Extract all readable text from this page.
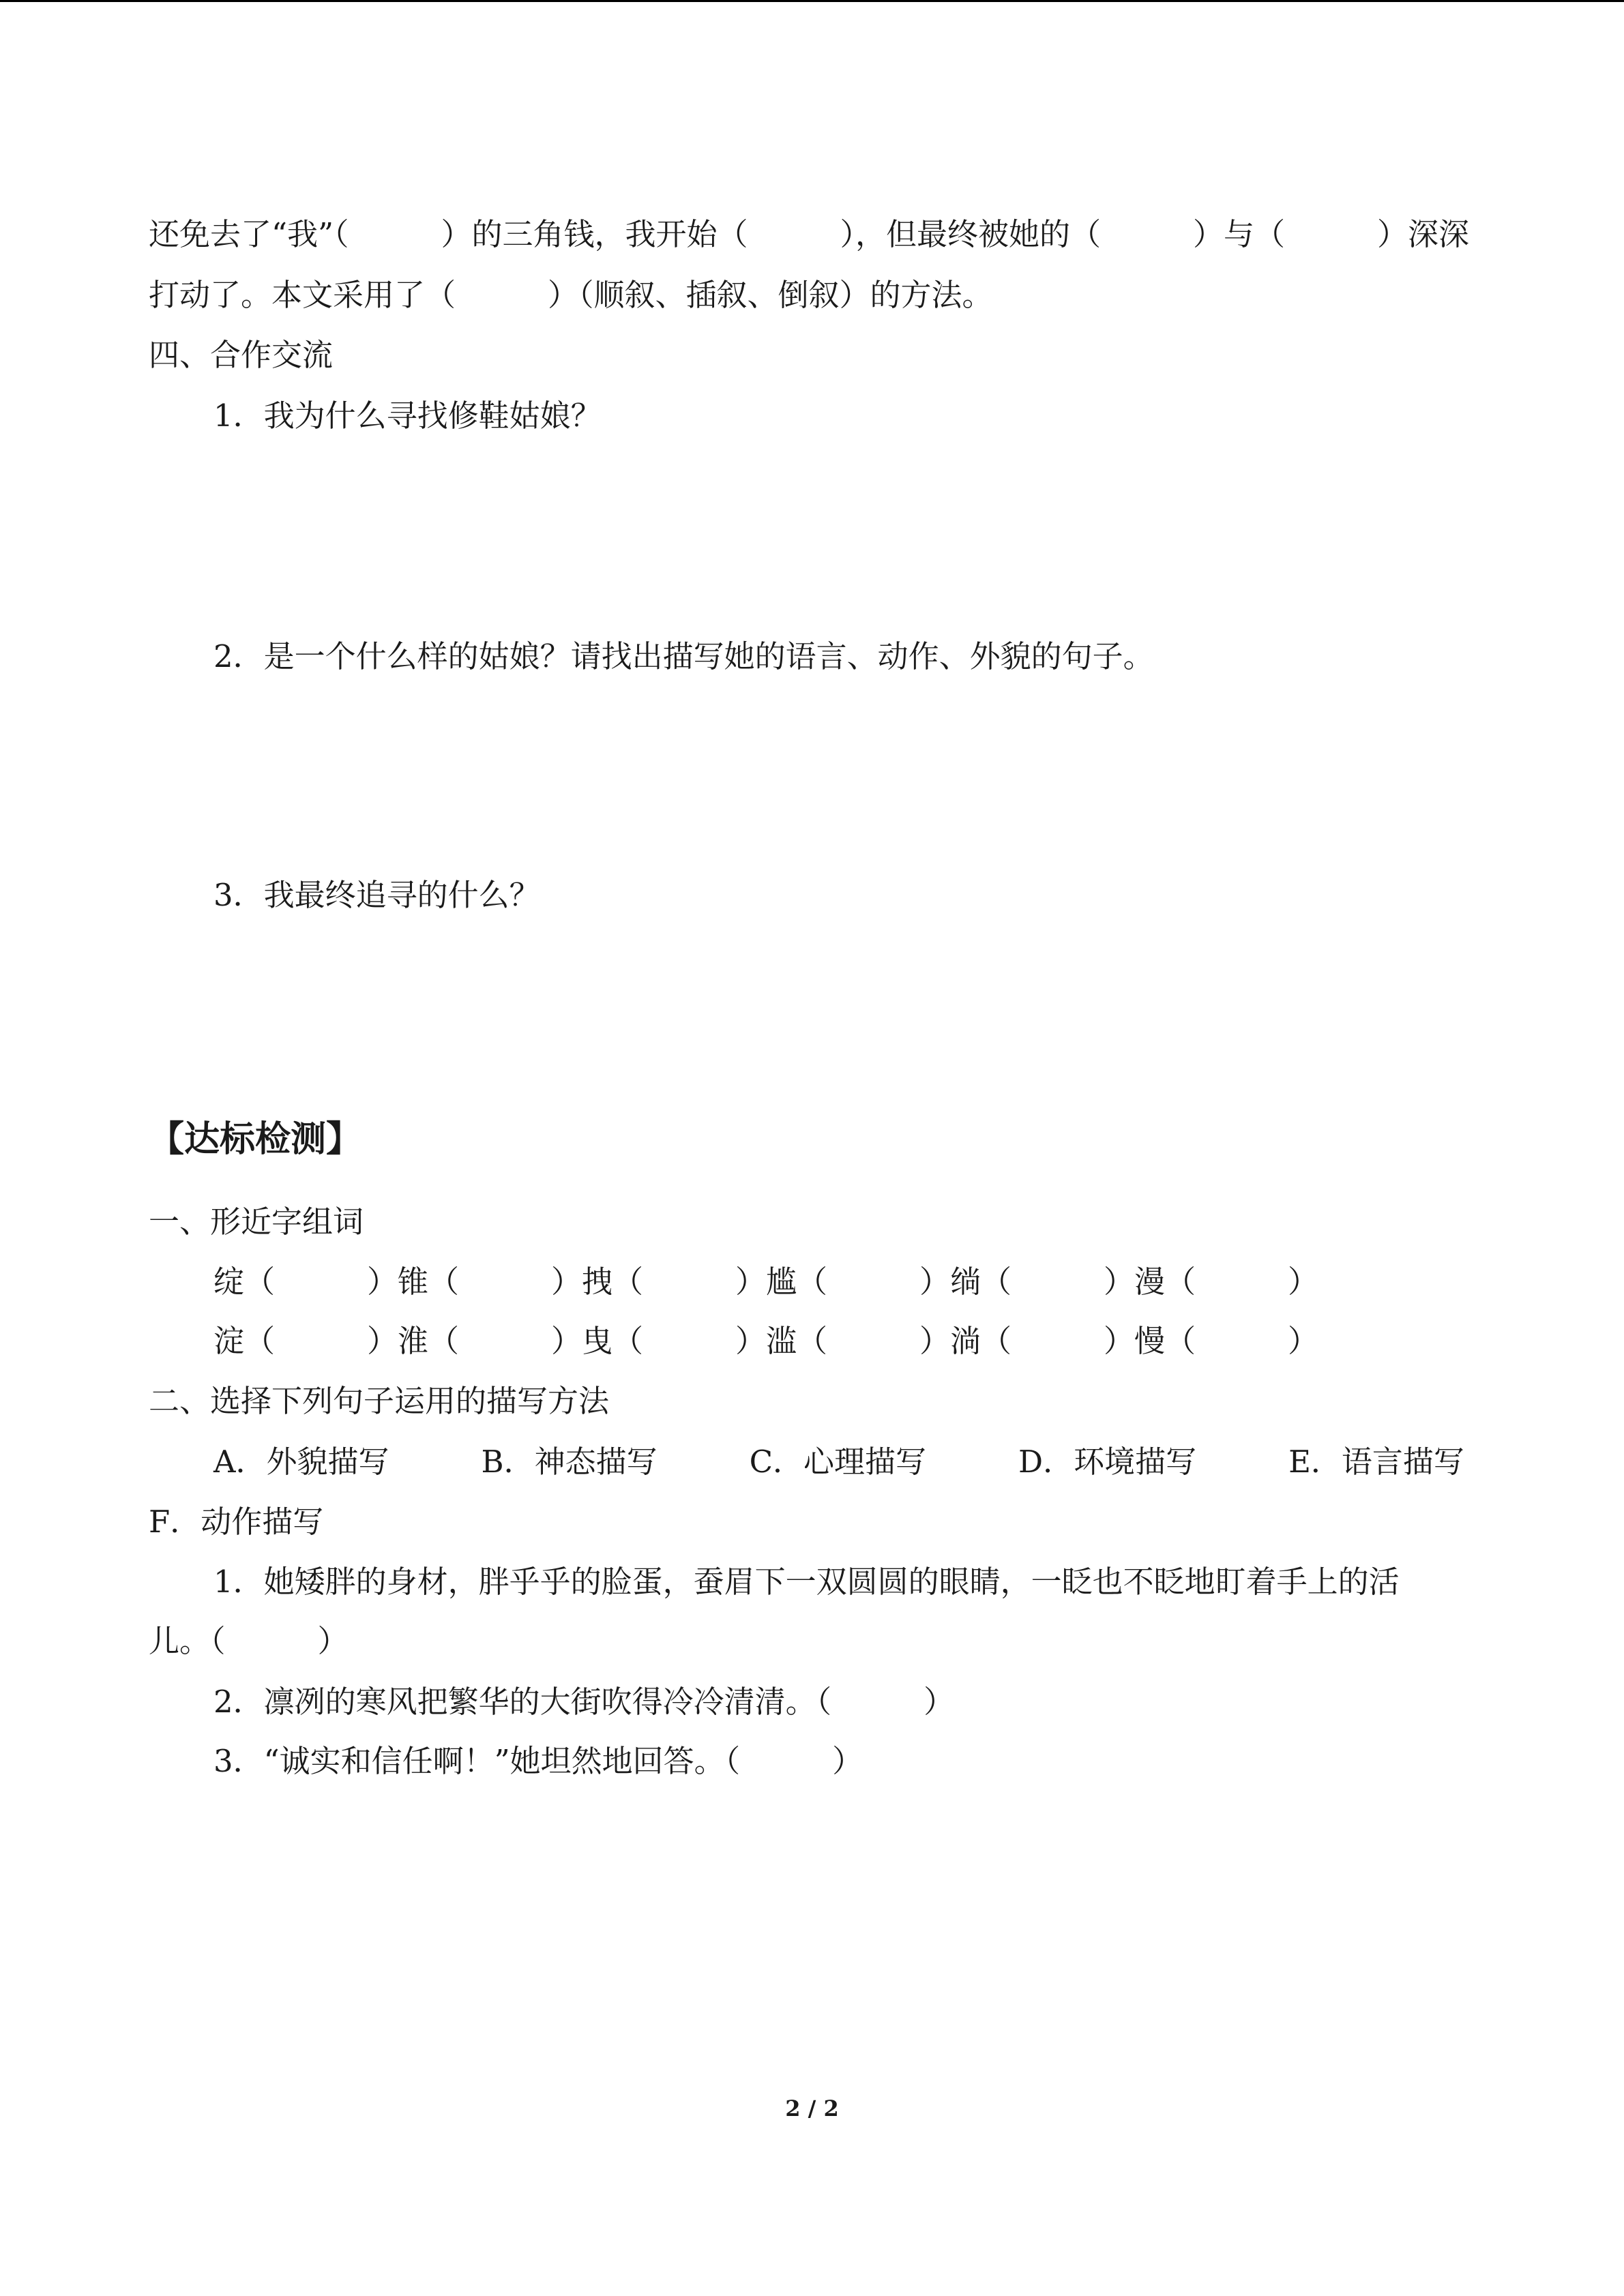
还免去了“我”（　　　）的三角钱，我开始（　　　），但最终被她的（　　　）与（　　　）深深
打动了。本文采用了（　　　）（顺叙、插叙、倒叙）的方法。
四、合作交流
1．我为什么寻找修鞋姑娘？
2．是一个什么样的姑娘？请找出描写她的语言、动作、外貌的句子。
3．我最终追寻的什么？
【达标检测】
一、形近字组词
绽（　　　）锥（　　　）拽（　　　）尴（　　　）绱（　　　）漫（　　　）
淀（　　　）淮（　　　）曳（　　　）滥（　　　）淌（　　　）慢（　　　）
二、选择下列句子运用的描写方法
A．外貌描写　　　B．神态描写　　　C．心理描写　　　D．环境描写　　　E．语言描写
F．动作描写
1．她矮胖的身材，胖乎乎的脸蛋，蚕眉下一双圆圆的眼睛，一眨也不眨地盯着手上的活
儿。（　　　）
2．凛冽的寒风把繁华的大街吹得冷冷清清。（　　　）
3．“诚实和信任啊！”她坦然地回答。（　　　）
2 / 2
